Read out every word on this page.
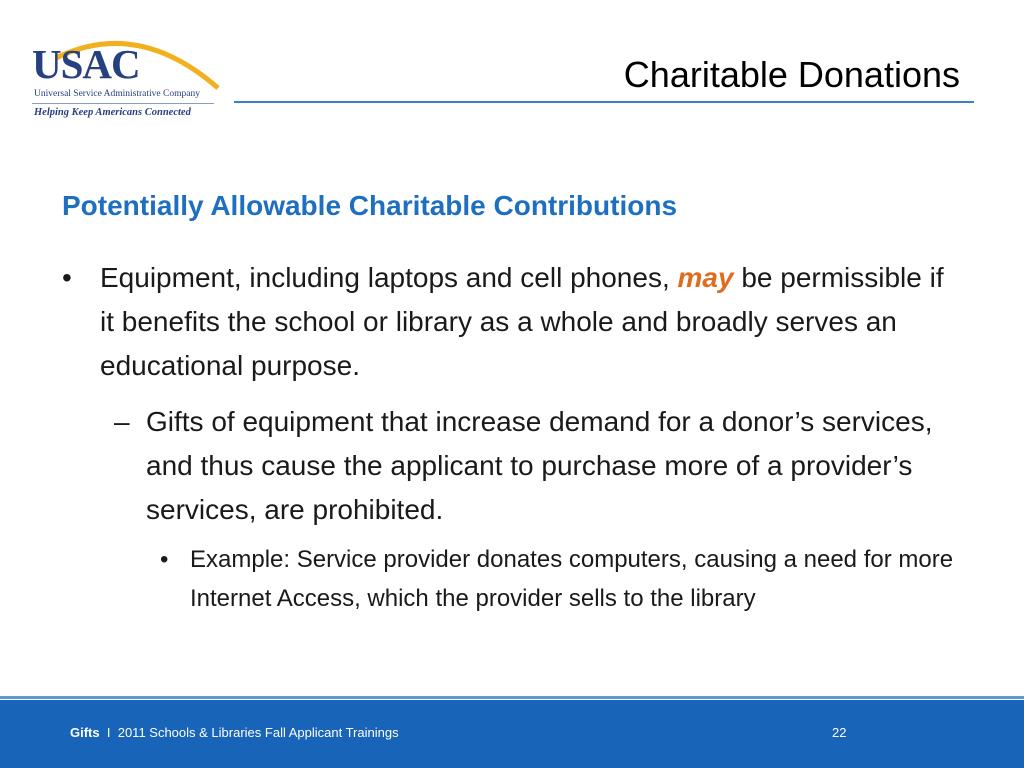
USAC
Universal Service Administrative Company
Helping Keep Americans Connected
Charitable Donations
Potentially Allowable Charitable Contributions
• Equipment, including laptops and cell phones, may be permissible if it benefits the school or library as a whole and broadly serves an educational purpose.
– Gifts of equipment that increase demand for a donor’s services, and thus cause the applicant to purchase more of a provider’s services, are prohibited.
• Example: Service provider donates computers, causing a need for more Internet Access, which the provider sells to the library
Gifts I 2011 Schools & Libraries Fall Applicant Trainings	22
